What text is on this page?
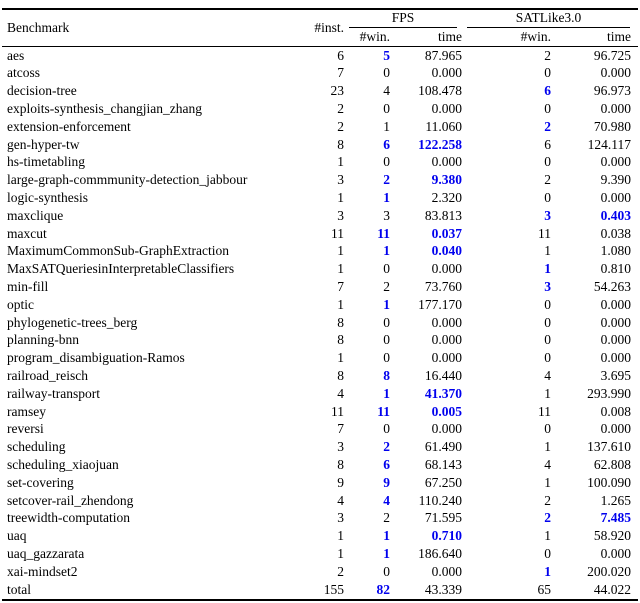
Benchmark	#inst.	FPS		SATLike3.0	

		#win.	time	#win.	time
aes	6	5	87.965	2	96.725
atcoss	7	0	0.000	0	0.000
decision-tree	23	4	108.478	6	96.973
exploits-synthesis_changjian_zhang	2	0	0.000	0	0.000
extension-enforcement	2	1	11.060	2	70.980
gen-hyper-tw	8	6	122.258	6	124.117
hs-timetabling	1	0	0.000	0	0.000
large-graph-commmunity-detection_jabbour	3	2	9.380	2	9.390
logic-synthesis	1	1	2.320	0	0.000
maxclique	3	3	83.813	3	0.403
maxcut	11	11	0.037	11	0.038
MaximumCommonSub-GraphExtraction	1	1	0.040	1	1.080
MaxSATQueriesinInterpretableClassifiers	1	0	0.000	1	0.810
min-fill	7	2	73.760	3	54.263
optic	1	1	177.170	0	0.000
phylogenetic-trees_berg	8	0	0.000	0	0.000
planning-bnn	8	0	0.000	0	0.000
program_disambiguation-Ramos	1	0	0.000	0	0.000
railroad_reisch	8	8	16.440	4	3.695
railway-transport	4	1	41.370	1	293.990
ramsey	11	11	0.005	11	0.008
reversi	7	0	0.000	0	0.000
scheduling	3	2	61.490	1	137.610
scheduling_xiaojuan	8	6	68.143	4	62.808
set-covering	9	9	67.250	1	100.090
setcover-rail_zhendong	4	4	110.240	2	1.265
treewidth-computation	3	2	71.595	2	7.485
uaq	1	1	0.710	1	58.920
uaq_gazzarata	1	1	186.640	0	0.000
xai-mindset2	2	0	0.000	1	200.020
total	155	82	43.339	65	44.022
